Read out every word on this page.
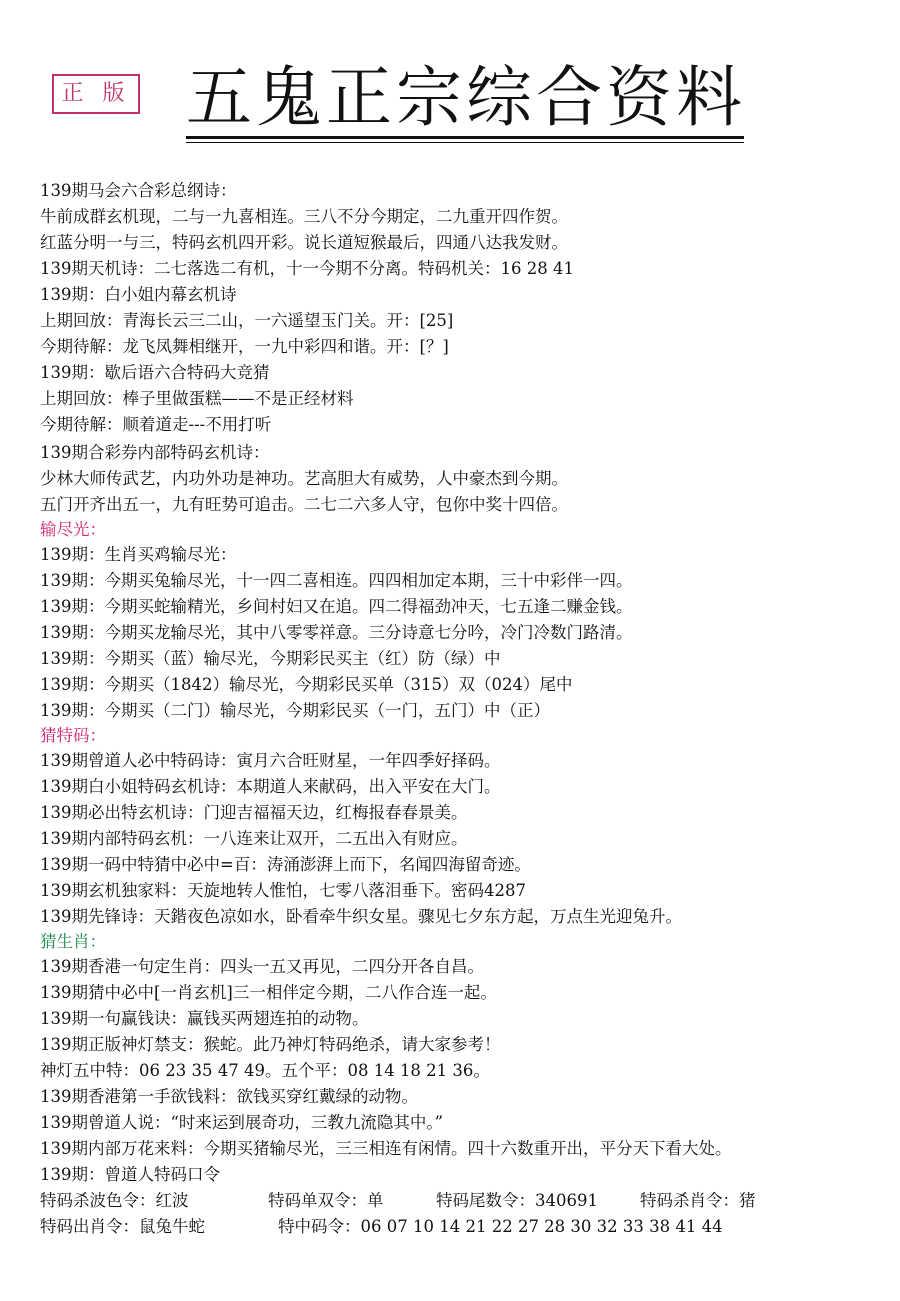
正 版 五鬼正宗综合资料
139期马会六合彩总纲诗：
牛前成群玄机现，二与一九喜相连。三八不分今期定，二九重开四作贺。
红蓝分明一与三，特码玄机四开彩。说长道短猴最后，四通八达我发财。
139期天机诗：二七落选二有机，十一今期不分离。特码机关：16 28 41
139期：白小姐内幕玄机诗
上期回放：青海长云三二山，一六遥望玉门关。开：[25]
今期待解：龙飞凤舞相继开，一九中彩四和谐。开：[？]
139期：歇后语六合特码大竞猜
上期回放：棒子里做蛋糕——不是正经材料
今期待解：顺着道走---不用打听
139期合彩券内部特码玄机诗：
少林大师传武艺，内功外功是神功。艺高胆大有威势，人中豪杰到今期。
五门开齐出五一，九有旺势可追击。二七二六多人守，包你中奖十四倍。
输尽光：
139期：生肖买鸡输尽光：
139期：今期买兔输尽光，十一四二喜相连。四四相加定本期，三十中彩伴一四。
139期：今期买蛇输精光，乡间村妇又在追。四二得福劲冲天，七五逢二赚金钱。
139期：今期买龙输尽光，其中八零零祥意。三分诗意七分吟，冷门冷数门路清。
139期：今期买（蓝）输尽光，今期彩民买主（红）防（绿）中
139期：今期买（1842）输尽光，今期彩民买单（315）双（024）尾中
139期：今期买（二门）输尽光，今期彩民买（一门，五门）中（正）
猜特码：
139期曾道人必中特码诗：寅月六合旺财星，一年四季好择码。
139期白小姐特码玄机诗：本期道人来献码，出入平安在大门。
139期必出特玄机诗：门迎吉福福天边，红梅报春春景美。
139期内部特码玄机：一八连来让双开，二五出入有财应。
139期一码中特猜中必中=百：涛涌澎湃上而下，名闻四海留奇迹。
139期玄机独家料：天旋地转人惟怕，七零八落泪垂下。密码4287
139期先锋诗：天鍇夜色凉如水，卧看牵牛织女星。骤见七夕东方起，万点生光迎兔升。
猜生肖：
139期香港一句定生肖：四头一五又再见，二四分开各自昌。
139期猜中必中[一肖玄机]三一相伴定今期，二八作合连一起。
139期一句赢钱诀：赢钱买两翅连拍的动物。
139期正版神灯禁支：猴蛇。此乃神灯特码绝杀，请大家参考！
神灯五中特：06 23 35 47 49。五个平：08 14 18 21 36。
139期香港第一手欲钱料：欲钱买穿红戴绿的动物。
139期曾道人说：“时来运到展奇功，三教九流隐其中。”
139期内部万花来料：今期买猪输尽光，三三相连有闲情。四十六数重开出，平分天下看大处。
139期：曾道人特码口令
特码杀波色令：红波	特码单双令：单	特码尾数令：340691	特码杀肖令：猪
特码出肖令：鼠兔牛蛇	特中码令：06 07 10 14 21 22 27 28 30 32 33 38 41 44
